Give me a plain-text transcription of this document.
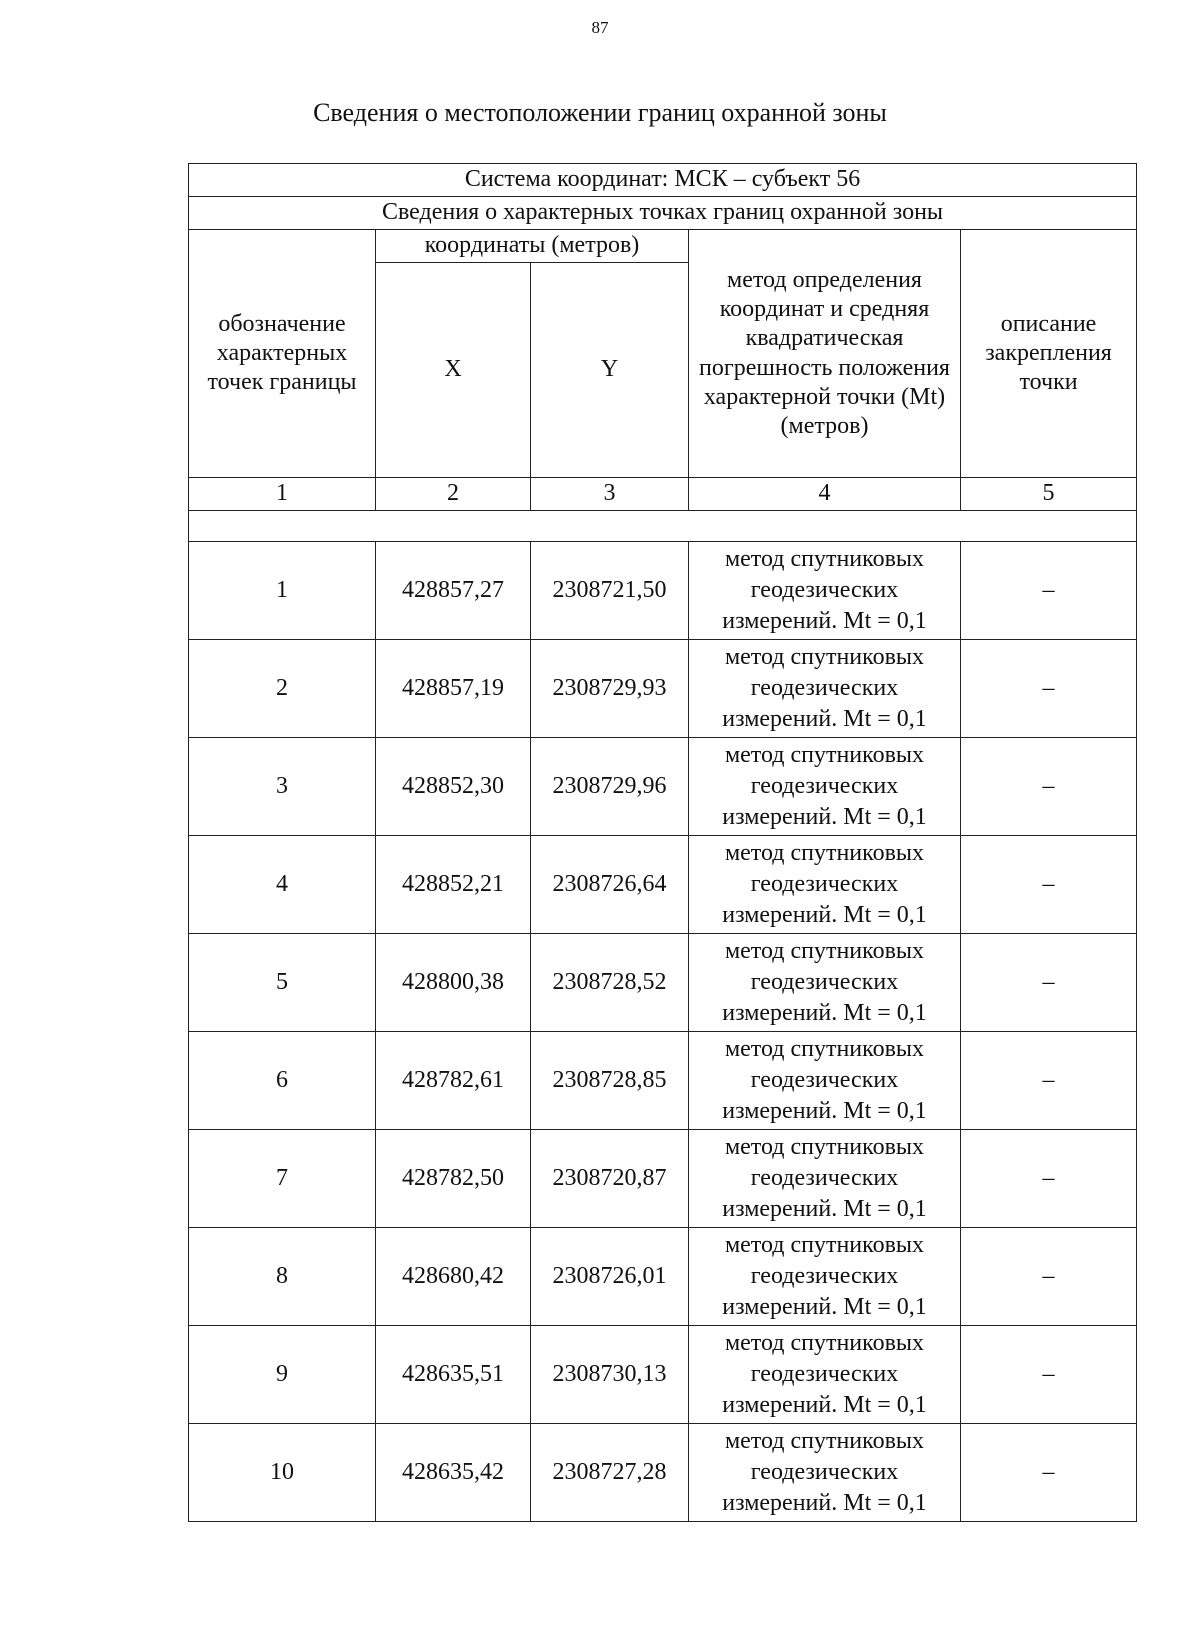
87
Сведения о местоположении границ охранной зоны
Система координат: МСК – субъект 56				
Сведения о характерных точках границ охранной зоны				
обозначение характерных точек границы	координаты (метров)		метод определения координат и средняя квадратическая погрешность положения характерной точки (Mt) (метров)	описание закрепления точки
	X	Y		
1	2	3	4	5

1	428857,27	2308721,50	метод спутниковых геодезических измерений. Mt = 0,1	–
2	428857,19	2308729,93	метод спутниковых геодезических измерений. Mt = 0,1	–
3	428852,30	2308729,96	метод спутниковых геодезических измерений. Mt = 0,1	–
4	428852,21	2308726,64	метод спутниковых геодезических измерений. Mt = 0,1	–
5	428800,38	2308728,52	метод спутниковых геодезических измерений. Mt = 0,1	–
6	428782,61	2308728,85	метод спутниковых геодезических измерений. Mt = 0,1	–
7	428782,50	2308720,87	метод спутниковых геодезических измерений. Mt = 0,1	–
8	428680,42	2308726,01	метод спутниковых геодезических измерений. Mt = 0,1	–
9	428635,51	2308730,13	метод спутниковых геодезических измерений. Mt = 0,1	–
10	428635,42	2308727,28	метод спутниковых геодезических измерений. Mt = 0,1	–
